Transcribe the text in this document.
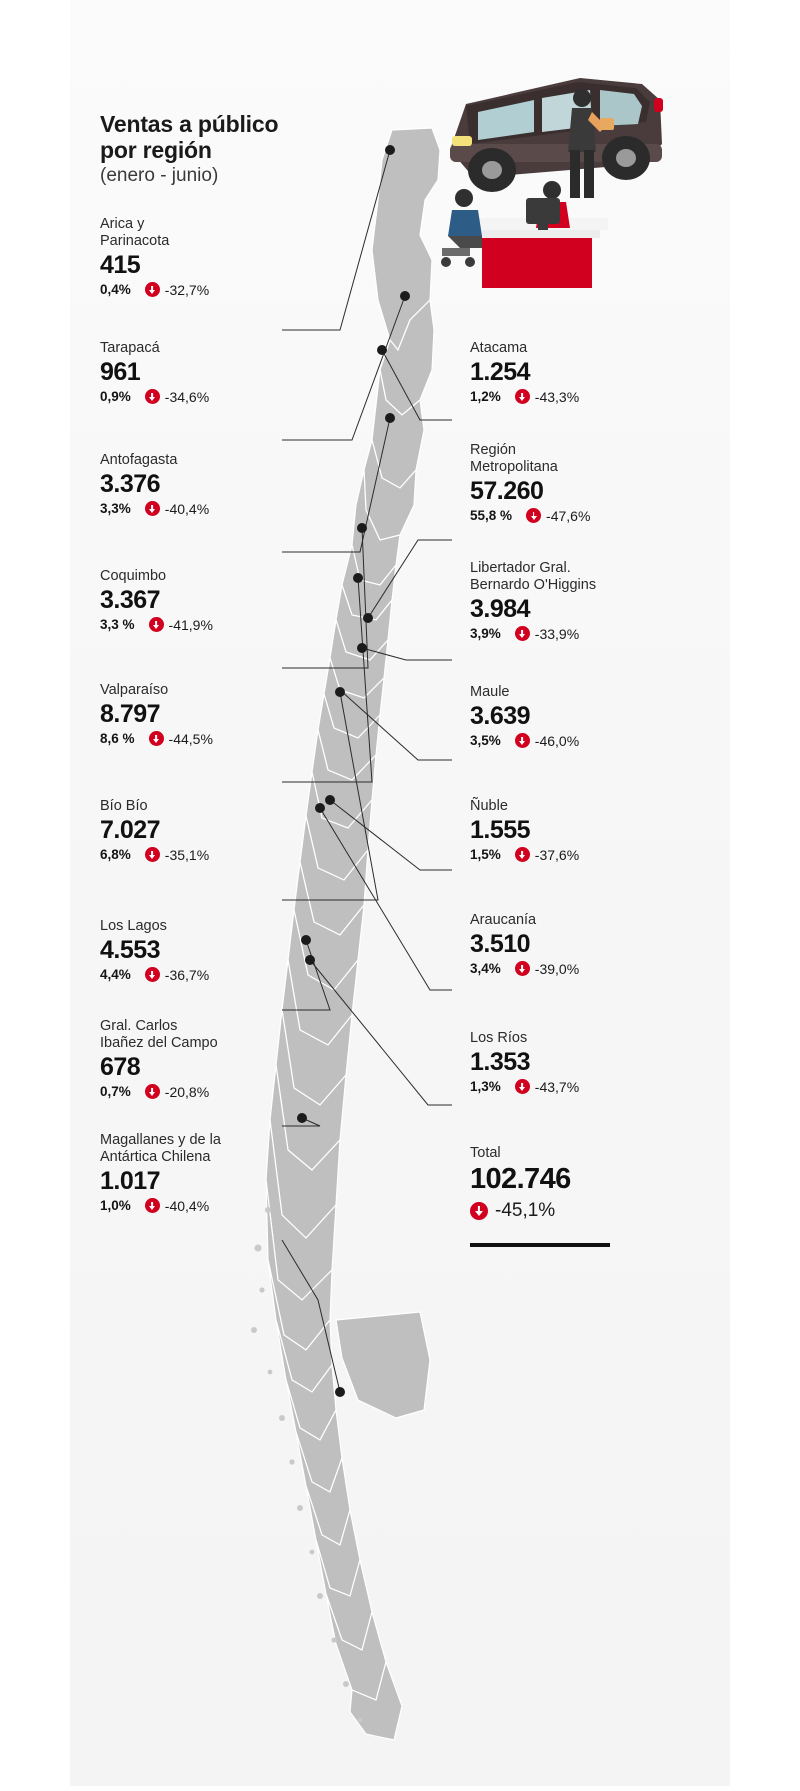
Ventas a público
por región
(enero - junio)
Arica y
Parinacota
415
0,4% -32,7%
Tarapacá
961
0,9% -34,6%
Antofagasta
3.376
3,3% -40,4%
Coquimbo
3.367
3,3 % -41,9%
Valparaíso
8.797
8,6 % -44,5%
Bío Bío
7.027
6,8% -35,1%
Los Lagos
4.553
4,4% -36,7%
Gral. Carlos
Ibañez del Campo
678
0,7% -20,8%
Magallanes y de la
Antártica Chilena
1.017
1,0% -40,4%
Atacama
1.254
1,2% -43,3%
Región
Metropolitana
57.260
55,8 % -47,6%
Libertador Gral.
Bernardo O'Higgins
3.984
3,9% -33,9%
Maule
3.639
3,5% -46,0%
Ñuble
1.555
1,5% -37,6%
Araucanía
3.510
3,4% -39,0%
Los Ríos
1.353
1,3% -43,7%
Total
102.746
-45,1%
